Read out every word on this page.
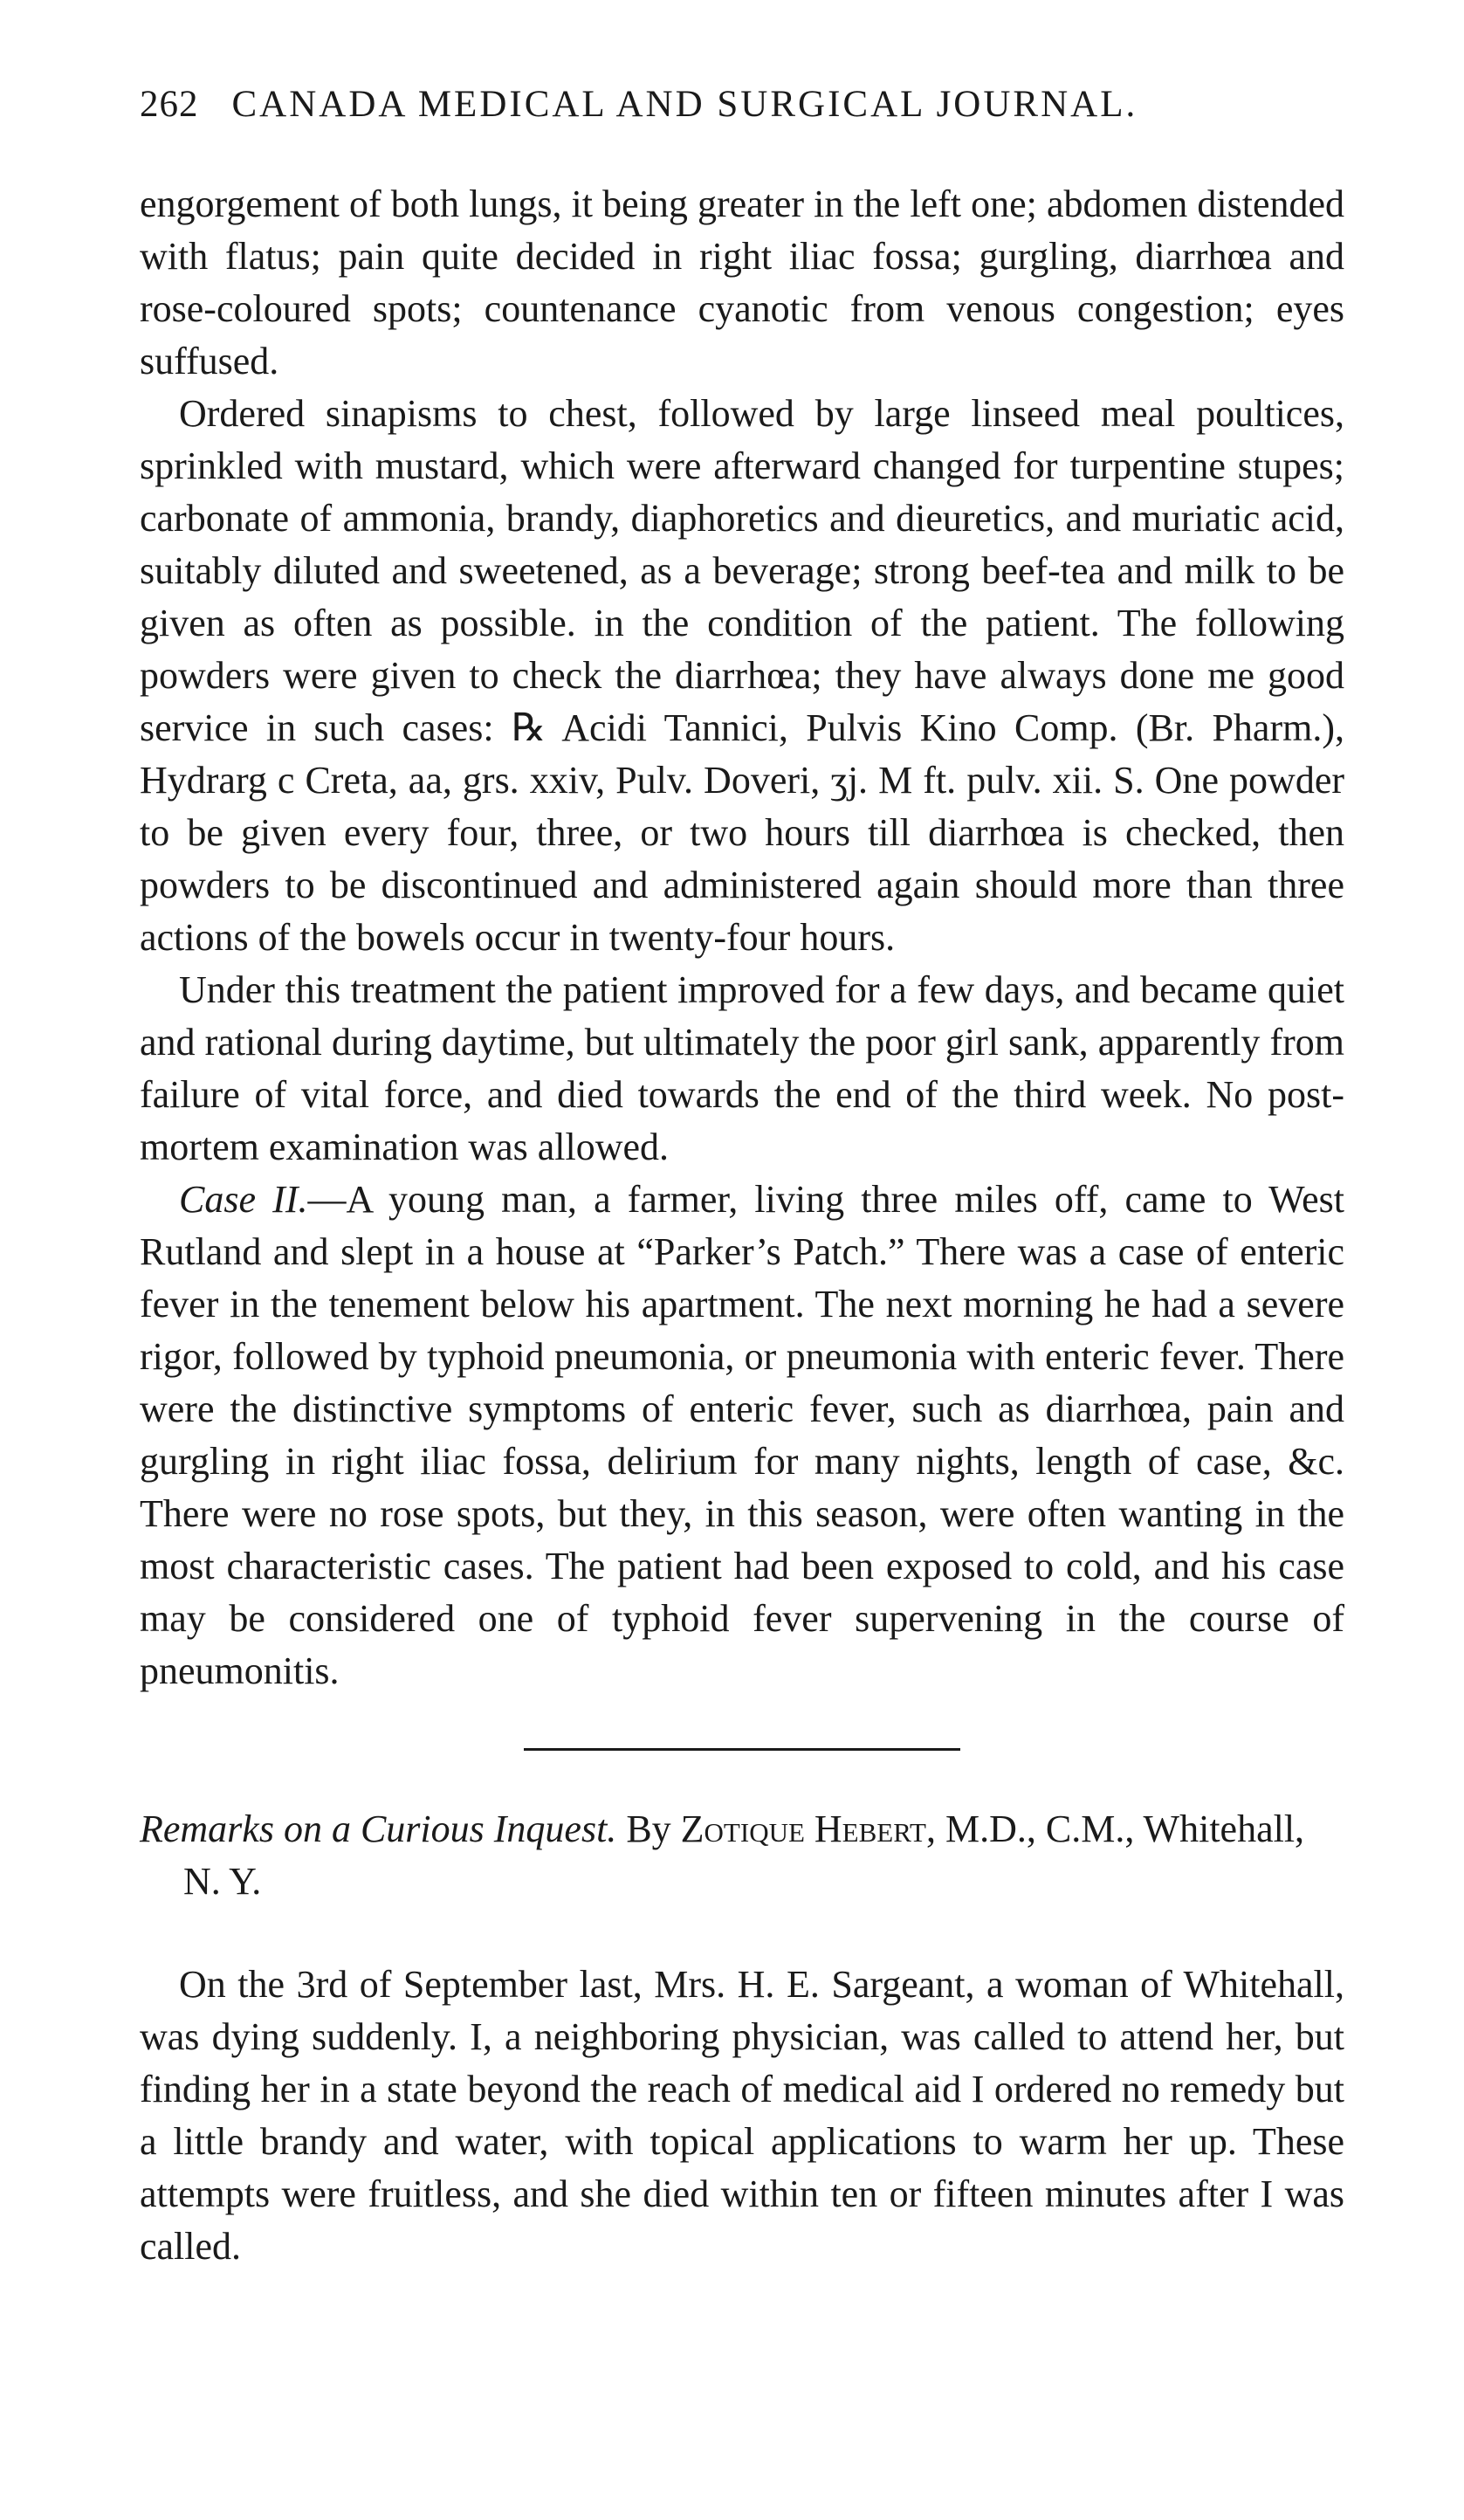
262 CANADA MEDICAL AND SURGICAL JOURNAL.

engorgement of both lungs, it being greater in the left one; abdomen distended with flatus; pain quite decided in right iliac fossa; gurgling, diarrhœa and rose-coloured spots; countenance cyanotic from venous congestion; eyes suffused.

Ordered sinapisms to chest, followed by large linseed meal poultices, sprinkled with mustard, which were afterward changed for turpentine stupes; carbonate of ammonia, brandy, diaphoretics and dieuretics, and muriatic acid, suitably diluted and sweetened, as a beverage; strong beef-tea and milk to be given as often as possible. in the condition of the patient. The following powders were given to check the diarrhœa; they have always done me good service in such cases: ℞ Acidi Tannici, Pulvis Kino Comp. (Br. Pharm.), Hydrarg c Creta, aa, grs. xxiv, Pulv. Doveri, ʒj. M ft. pulv. xii. S. One powder to be given every four, three, or two hours till diarrhœa is checked, then powders to be discontinued and administered again should more than three actions of the bowels occur in twenty-four hours.

Under this treatment the patient improved for a few days, and became quiet and rational during daytime, but ultimately the poor girl sank, apparently from failure of vital force, and died towards the end of the third week. No post-mortem examination was allowed.

Case II.—A young man, a farmer, living three miles off, came to West Rutland and slept in a house at “Parker’s Patch.” There was a case of enteric fever in the tenement below his apartment. The next morning he had a severe rigor, followed by typhoid pneumonia, or pneumonia with enteric fever. There were the distinctive symptoms of enteric fever, such as diarrhœa, pain and gurgling in right iliac fossa, delirium for many nights, length of case, &c. There were no rose spots, but they, in this season, were often wanting in the most characteristic cases. The patient had been exposed to cold, and his case may be considered one of typhoid fever supervening in the course of pneumonitis.

Remarks on a Curious Inquest. By Zotique Hebert, M.D., C.M., Whitehall, N. Y.

On the 3rd of September last, Mrs. H. E. Sargeant, a woman of Whitehall, was dying suddenly. I, a neighboring physician, was called to attend her, but finding her in a state beyond the reach of medical aid I ordered no remedy but a little brandy and water, with topical applications to warm her up. These attempts were fruitless, and she died within ten or fifteen minutes after I was called.
